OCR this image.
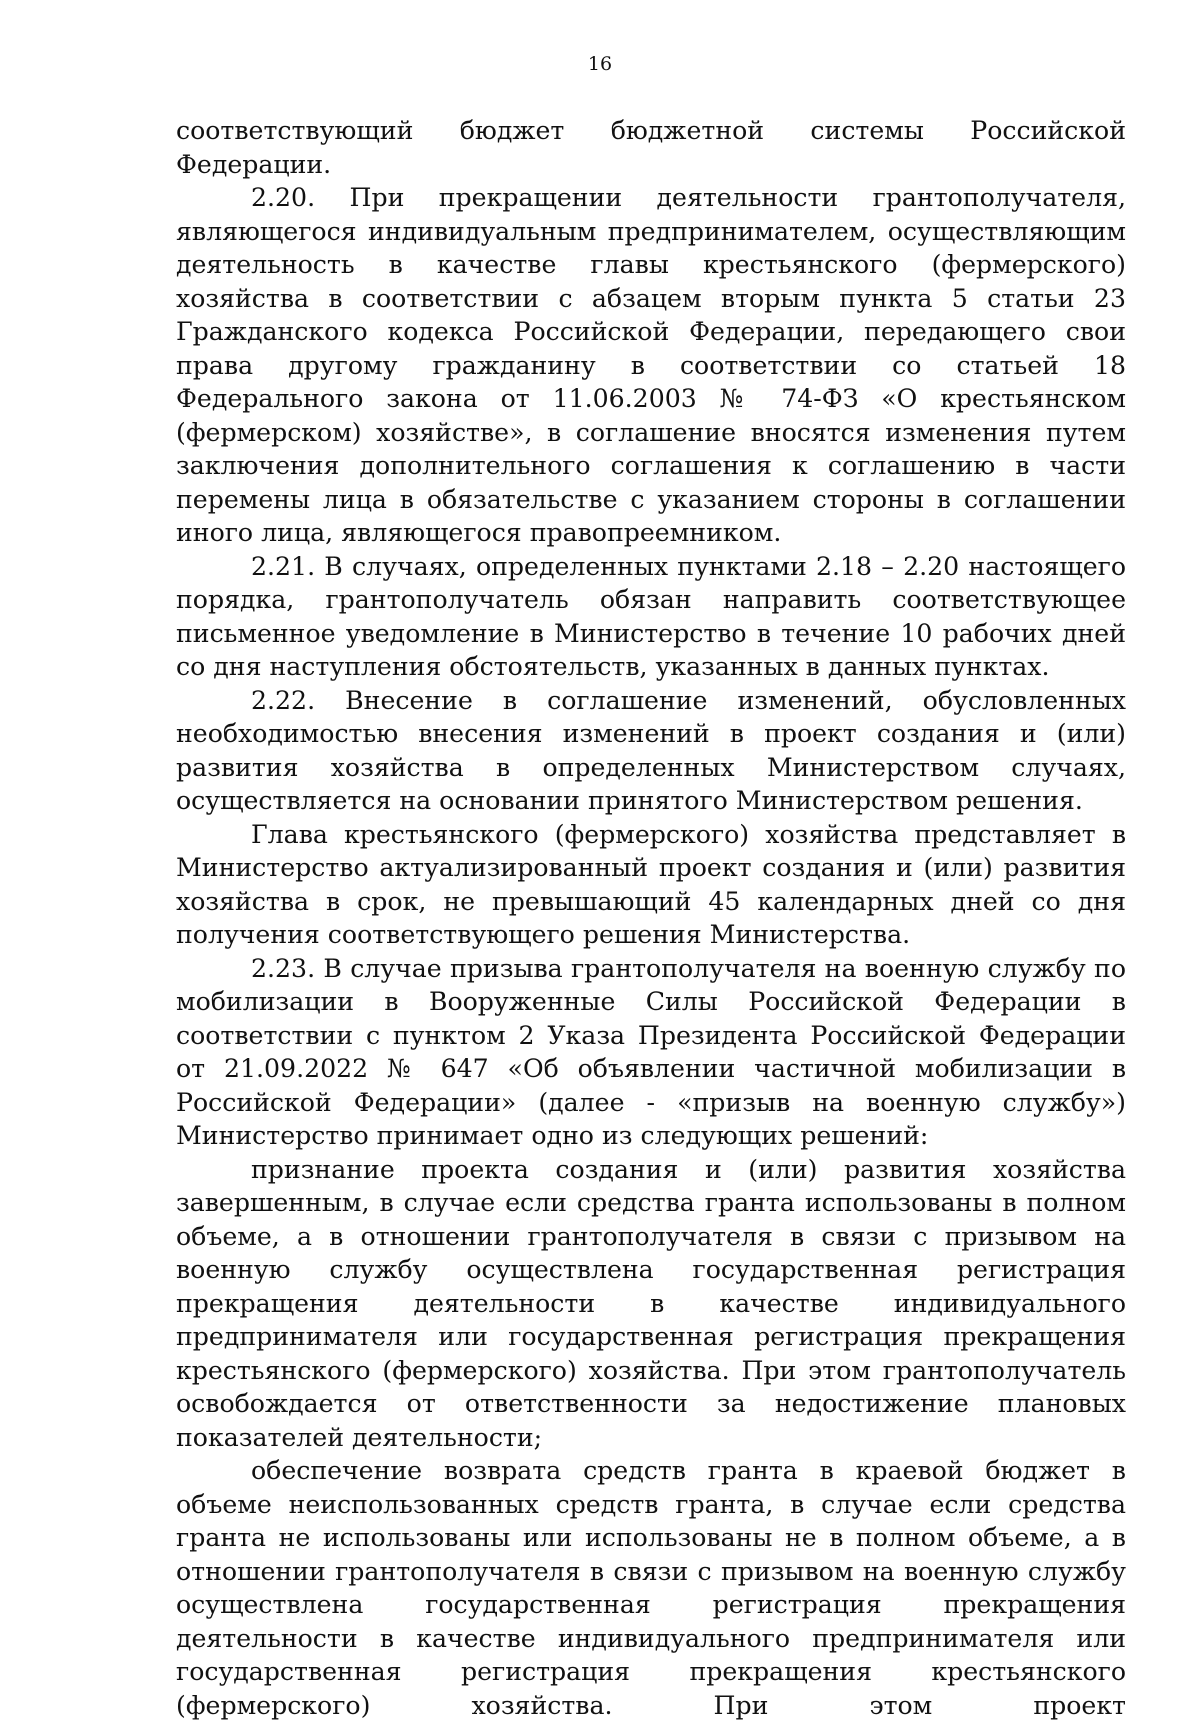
16

соответствующий бюджет бюджетной системы Российской Федерации.

2.20. При прекращении деятельности грантополучателя, являющегося индивидуальным предпринимателем, осуществляющим деятельность в качестве главы крестьянского (фермерского) хозяйства в соответствии с абзацем вторым пункта 5 статьи 23 Гражданского кодекса Российской Федерации, передающего свои права другому гражданину в соответствии со статьей 18 Федерального закона от 11.06.2003 № 74-ФЗ «О крестьянском (фермерском) хозяйстве», в соглашение вносятся изменения путем заключения дополнительного соглашения к соглашению в части перемены лица в обязательстве с указанием стороны в соглашении иного лица, являющегося правопреемником.

2.21. В случаях, определенных пунктами 2.18 – 2.20 настоящего порядка, грантополучатель обязан направить соответствующее письменное уведомление в Министерство в течение 10 рабочих дней со дня наступления обстоятельств, указанных в данных пунктах.

2.22. Внесение в соглашение изменений, обусловленных необходимостью внесения изменений в проект создания и (или) развития хозяйства в определенных Министерством случаях, осуществляется на основании принятого Министерством решения.

Глава крестьянского (фермерского) хозяйства представляет в Министерство актуализированный проект создания и (или) развития хозяйства в срок, не превышающий 45 календарных дней со дня получения соответствующего решения Министерства.

2.23. В случае призыва грантополучателя на военную службу по мобилизации в Вооруженные Силы Российской Федерации в соответствии с пунктом 2 Указа Президента Российской Федерации от 21.09.2022 № 647 «Об объявлении частичной мобилизации в Российской Федерации» (далее - «призыв на военную службу») Министерство принимает одно из следующих решений:

признание проекта создания и (или) развития хозяйства завершенным, в случае если средства гранта использованы в полном объеме, а в отношении грантополучателя в связи с призывом на военную службу осуществлена государственная регистрация прекращения деятельности в качестве индивидуального предпринимателя или государственная регистрация прекращения крестьянского (фермерского) хозяйства. При этом грантополучатель освобождается от ответственности за недостижение плановых показателей деятельности;

обеспечение возврата средств гранта в краевой бюджет в объеме неиспользованных средств гранта, в случае если средства гранта не использованы или использованы не в полном объеме, а в отношении грантополучателя в связи с призывом на военную службу осуществлена государственная регистрация прекращения деятельности в качестве индивидуального предпринимателя или государственная регистрация прекращения крестьянского (фермерского) хозяйства. При этом проект
